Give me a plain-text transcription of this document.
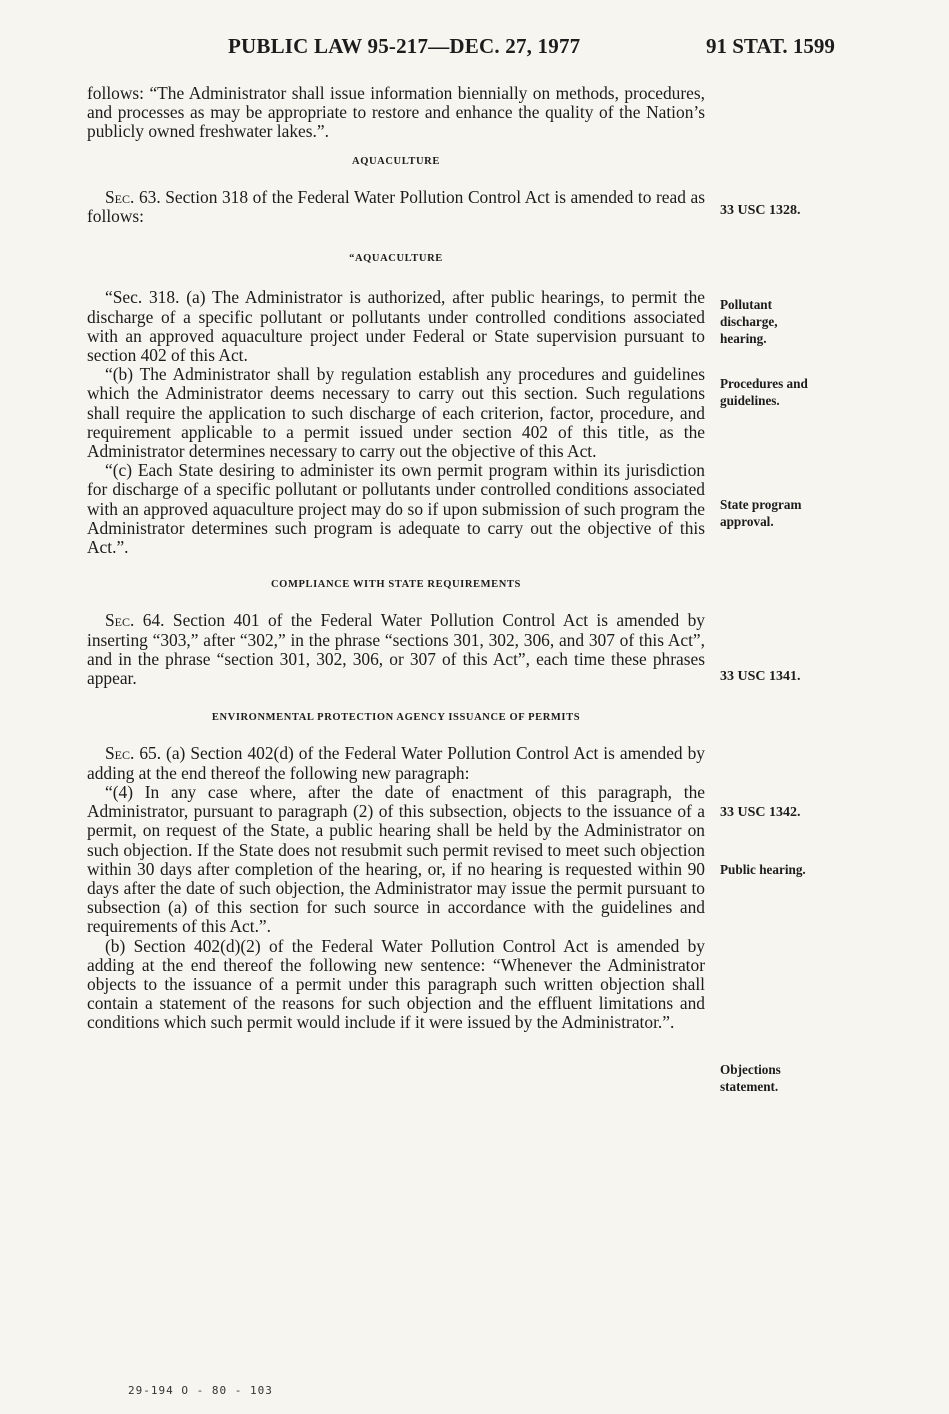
PUBLIC LAW 95-217—DEC. 27, 1977	91 STAT. 1599

follows: “The Administrator shall issue information biennially on methods, procedures, and processes as may be appropriate to restore and enhance the quality of the Nation’s publicly owned freshwater lakes.”.

AQUACULTURE

Sec. 63. Section 318 of the Federal Water Pollution Control Act is amended to read as follows:

“AQUACULTURE

“Sec. 318. (a) The Administrator is authorized, after public hearings, to permit the discharge of a specific pollutant or pollutants under controlled conditions associated with an approved aquaculture project under Federal or State supervision pursuant to section 402 of this Act.

“(b) The Administrator shall by regulation establish any procedures and guidelines which the Administrator deems necessary to carry out this section. Such regulations shall require the application to such discharge of each criterion, factor, procedure, and requirement applicable to a permit issued under section 402 of this title, as the Administrator determines necessary to carry out the objective of this Act.

“(c) Each State desiring to administer its own permit program within its jurisdiction for discharge of a specific pollutant or pollutants under controlled conditions associated with an approved aquaculture project may do so if upon submission of such program the Administrator determines such program is adequate to carry out the objective of this Act.”.

COMPLIANCE WITH STATE REQUIREMENTS

Sec. 64. Section 401 of the Federal Water Pollution Control Act is amended by inserting “303,” after “302,” in the phrase “sections 301, 302, 306, and 307 of this Act”, and in the phrase “section 301, 302, 306, or 307 of this Act”, each time these phrases appear.

ENVIRONMENTAL PROTECTION AGENCY ISSUANCE OF PERMITS

Sec. 65. (a) Section 402(d) of the Federal Water Pollution Control Act is amended by adding at the end thereof the following new paragraph:

“(4) In any case where, after the date of enactment of this paragraph, the Administrator, pursuant to paragraph (2) of this subsection, objects to the issuance of a permit, on request of the State, a public hearing shall be held by the Administrator on such objection. If the State does not resubmit such permit revised to meet such objection within 30 days after completion of the hearing, or, if no hearing is requested within 90 days after the date of such objection, the Administrator may issue the permit pursuant to subsection (a) of this section for such source in accordance with the guidelines and requirements of this Act.”.

(b) Section 402(d)(2) of the Federal Water Pollution Control Act is amended by adding at the end thereof the following new sentence: “Whenever the Administrator objects to the issuance of a permit under this paragraph such written objection shall contain a statement of the reasons for such objection and the effluent limitations and conditions which such permit would include if it were issued by the Administrator.”.

33 USC 1328.
Pollutant discharge, hearing.
Procedures and guidelines.
State program approval.
33 USC 1341.
33 USC 1342.
Public hearing.
Objections statement.
29-194 O - 80 - 103
